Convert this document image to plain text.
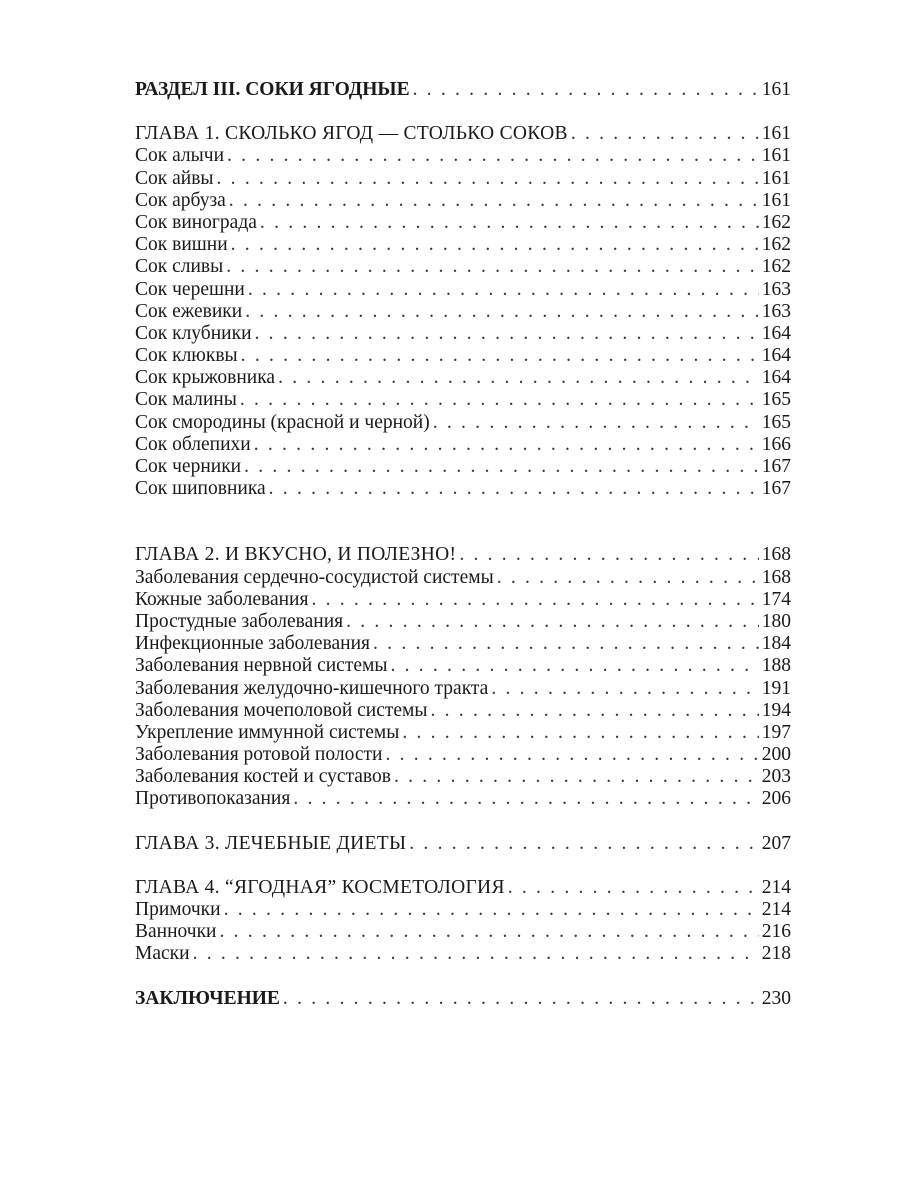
РАЗДЕЛ III. СОКИ ЯГОДНЫЕ . . .	161
ГЛАВА 1. СКОЛЬКО ЯГОД — СТОЛЬКО СОКОВ . . .	161
Сок алычи . . .	161
Сок айвы . . .	161
Сок арбуза . . .	161
Сок винограда . . .	162
Сок вишни . . .	162
Сок сливы . . .	162
Сок черешни . . .	163
Сок ежевики . . .	163
Сок клубники . . .	164
Сок клюквы . . .	164
Сок крыжовника . . .	164
Сок малины . . .	165
Сок смородины (красной и черной) . . .	165
Сок облепихи . . .	166
Сок черники . . .	167
Сок шиповника . . .	167
ГЛАВА 2. И ВКУСНО, И ПОЛЕЗНО! . . .	168
Заболевания сердечно-сосудистой системы . . .	168
Кожные заболевания . . .	174
Простудные заболевания . . .	180
Инфекционные заболевания . . .	184
Заболевания нервной системы . . .	188
Заболевания желудочно-кишечного тракта . . .	191
Заболевания мочеполовой системы . . .	194
Укрепление иммунной системы . . .	197
Заболевания ротовой полости . . .	200
Заболевания костей и суставов . . .	203
Противопоказания . . .	206
ГЛАВА 3. ЛЕЧЕБНЫЕ ДИЕТЫ . . .	207
ГЛАВА 4. “ЯГОДНАЯ” КОСМЕТОЛОГИЯ . . .	214
Примочки . . .	214
Ванночки . . .	216
Маски . . .	218
ЗАКЛЮЧЕНИЕ . . .	230
